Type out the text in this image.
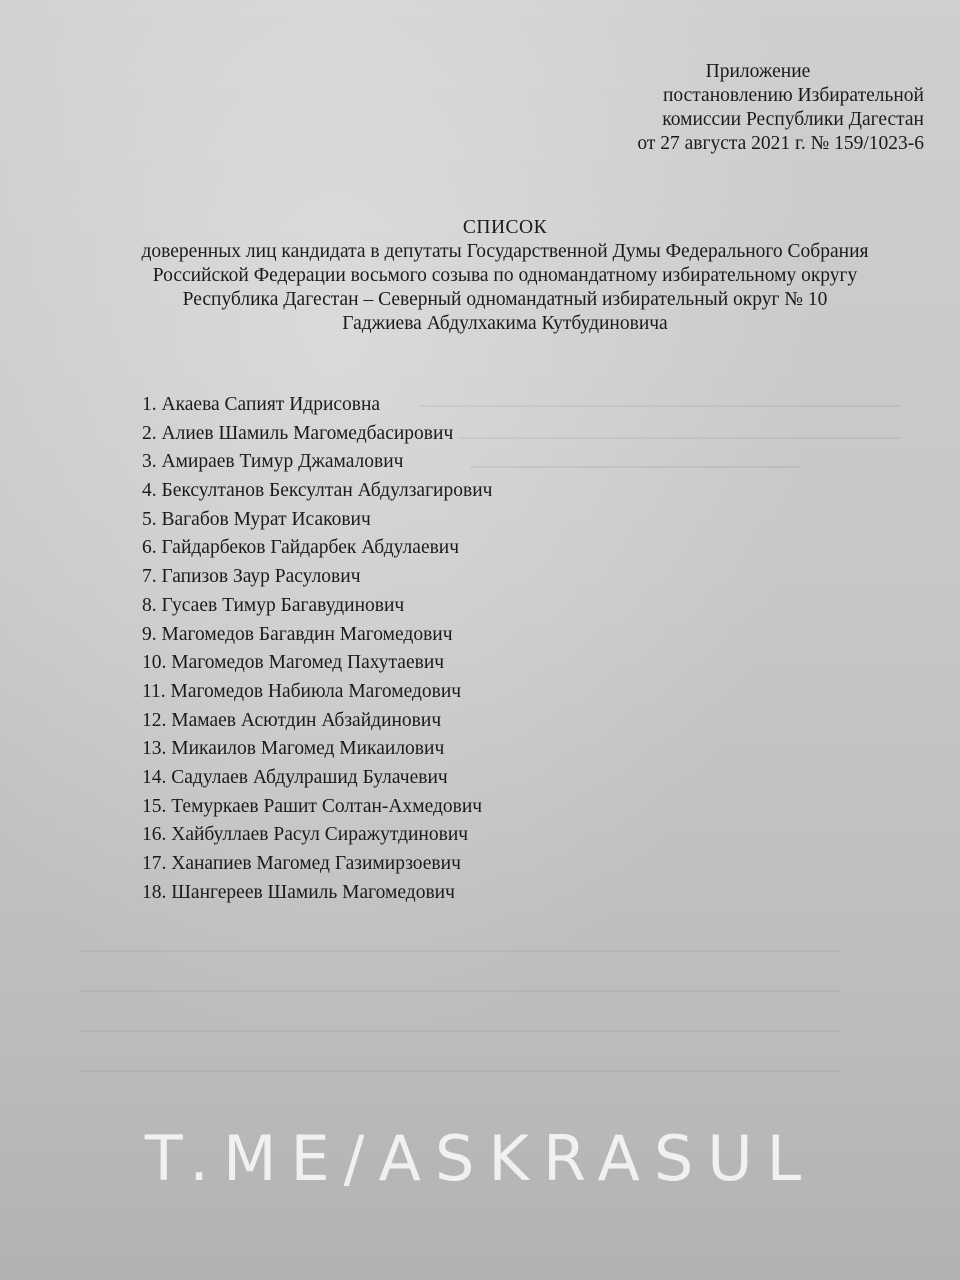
Приложение
постановлению Избирательной
комиссии Республики Дагестан
от 27 августа 2021 г. № 159/1023-6
СПИСОК
доверенных лиц кандидата в депутаты Государственной Думы Федерального Собрания
Российской Федерации восьмого созыва по одномандатному избирательному округу
Республика Дагестан – Северный одномандатный избирательный округ № 10
Гаджиева Абдулхакима Кутбудиновича
1. Акаева Сапият Идрисовна
2. Алиев Шамиль Магомедбасирович
3. Амираев Тимур Джамалович
4. Бексултанов Бексултан Абдулзагирович
5. Вагабов Мурат Исакович
6. Гайдарбеков Гайдарбек Абдулаевич
7. Гапизов Заур Расулович
8. Гусаев Тимур Багавудинович
9. Магомедов Багавдин Магомедович
10. Магомедов Магомед Пахутаевич
11. Магомедов Набиюла Магомедович
12. Мамаев Асютдин Абзайдинович
13. Микаилов Магомед Микаилович
14. Садулаев Абдулрашид Булачевич
15. Темуркаев Рашит Солтан-Ахмедович
16. Хайбуллаев Расул Сиражутдинович
17. Ханапиев Магомед Газимирзоевич
18. Шангереев Шамиль Магомедович
T.ME/ASKRASUL
